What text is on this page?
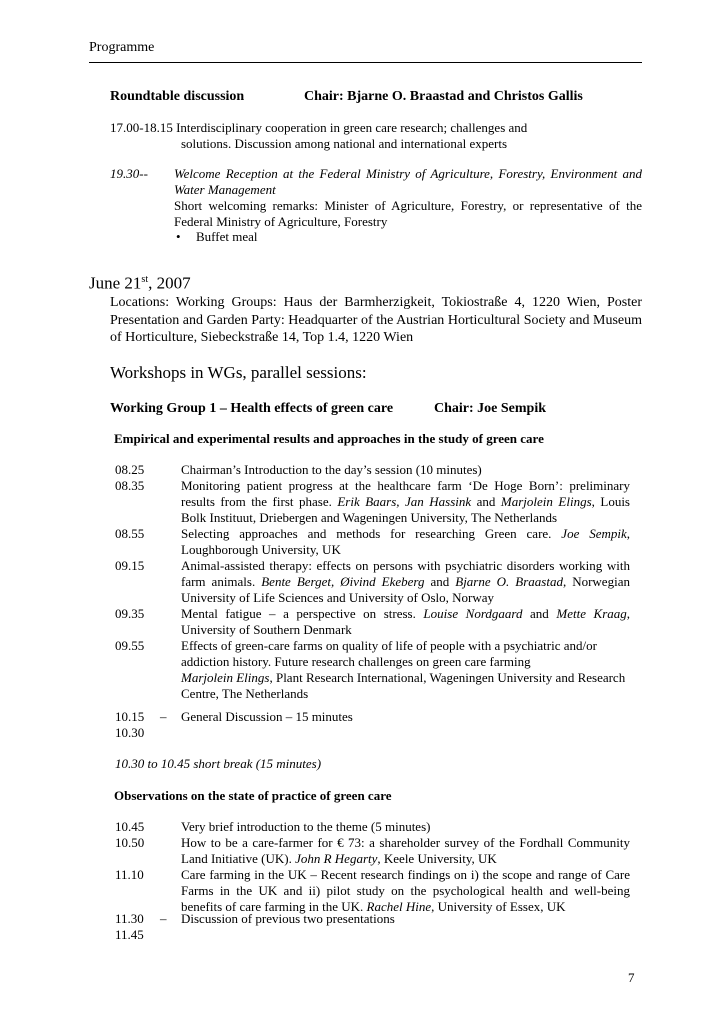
Programme
Roundtable discussion	Chair: Bjarne O. Braastad and Christos Gallis
17.00-18.15 Interdisciplinary cooperation in green care research; challenges and
solutions. Discussion among national and international experts
19.30-- Welcome Reception at the Federal Ministry of Agriculture, Forestry, Environment and
Water Management
Short welcoming remarks: Minister of Agriculture, Forestry, or representative of the Federal Ministry of Agriculture, Forestry
• Buffet meal
June 21st, 2007
Locations: Working Groups: Haus der Barmherzigkeit, Tokiostraße 4, 1220 Wien, Poster Presentation and Garden Party: Headquarter of the Austrian Horticultural Society and Museum of Horticulture, Siebeckstraße 14, Top 1.4, 1220 Wien
Workshops in WGs, parallel sessions:
Working Group 1 – Health effects of green care	Chair: Joe Sempik
Empirical and experimental results and approaches in the study of green care
08.25	Chairman’s Introduction to the day’s session (10 minutes)
08.35	Monitoring patient progress at the healthcare farm ‘De Hoge Born’: preliminary results from the first phase. Erik Baars, Jan Hassink and Marjolein Elings, Louis Bolk Instituut, Driebergen and Wageningen University, The Netherlands
08.55	Selecting approaches and methods for researching Green care. Joe Sempik, Loughborough University, UK
09.15	Animal-assisted therapy: effects on persons with psychiatric disorders working with farm animals. Bente Berget, Øivind Ekeberg and Bjarne O. Braastad, Norwegian University of Life Sciences and University of Oslo, Norway
09.35	Mental fatigue – a perspective on stress. Louise Nordgaard and Mette Kraag, University of Southern Denmark
09.55	Effects of green-care farms on quality of life of people with a psychiatric and/or addiction history. Future research challenges on green care farming
Marjolein Elings, Plant Research International, Wageningen University and Research Centre, The Netherlands
10.15 – General Discussion – 15 minutes
10.30
10.30 to 10.45 short break (15 minutes)
Observations on the state of practice of green care
10.45	Very brief introduction to the theme (5 minutes)
10.50	How to be a care-farmer for € 73: a shareholder survey of the Fordhall Community Land Initiative (UK). John R Hegarty, Keele University, UK
11.10	Care farming in the UK – Recent research findings on i) the scope and range of Care Farms in the UK and ii) pilot study on the psychological health and well-being benefits of care farming in the UK. Rachel Hine, University of Essex, UK
11.30 – Discussion of previous two presentations
11.45
7
